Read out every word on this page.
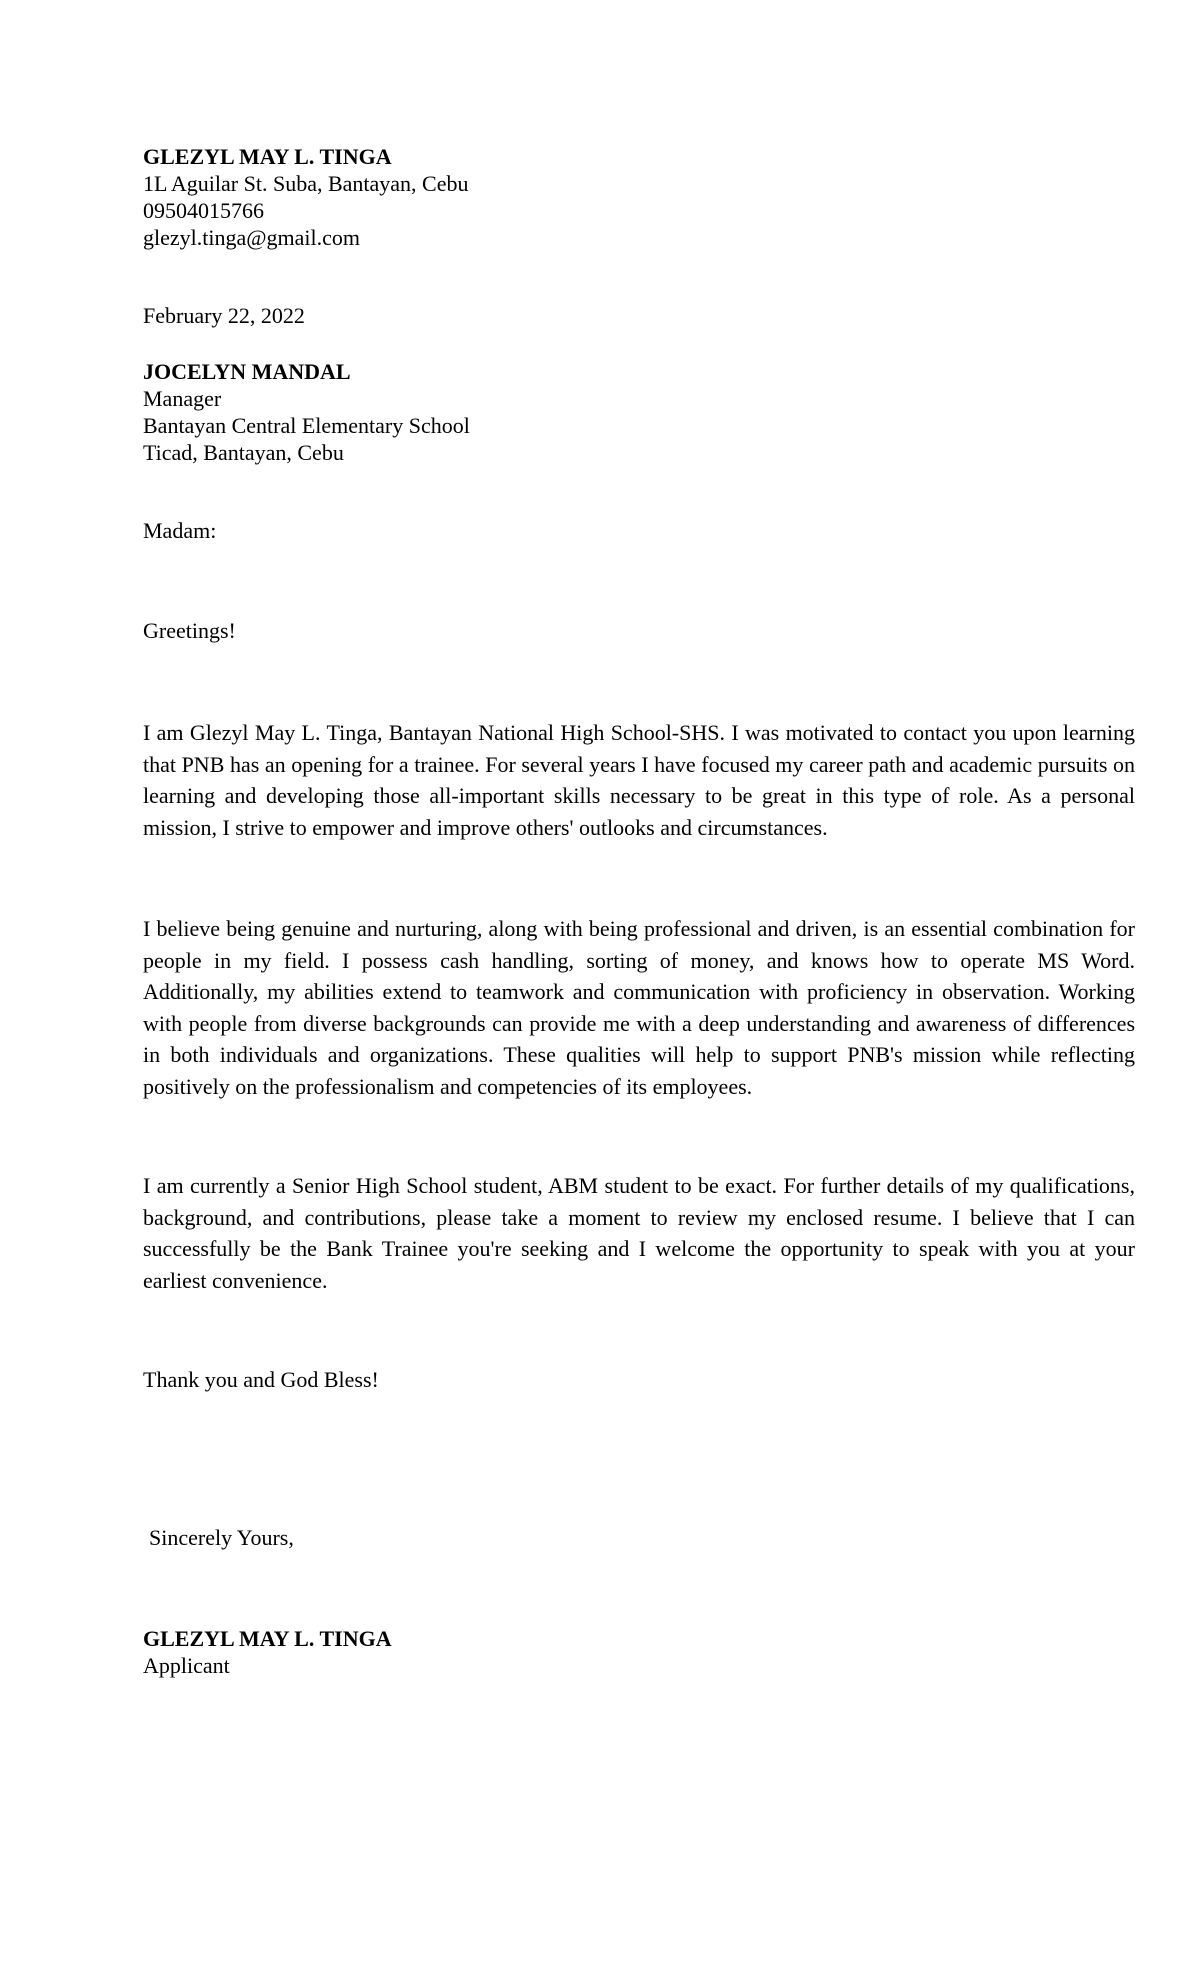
GLEZYL MAY L. TINGA
1L Aguilar St. Suba, Bantayan, Cebu
09504015766
glezyl.tinga@gmail.com
February 22, 2022
JOCELYN MANDAL
Manager
Bantayan Central Elementary School
Ticad, Bantayan, Cebu
Madam:
Greetings!
I am Glezyl May L. Tinga, Bantayan National High School-SHS. I was motivated to contact you upon learning that PNB has an opening for a trainee. For several years I have focused my career path and academic pursuits on learning and developing those all-important skills necessary to be great in this type of role. As a personal mission, I strive to empower and improve others' outlooks and circumstances.
I believe being genuine and nurturing, along with being professional and driven, is an essential combination for people in my field. I possess cash handling, sorting of money, and knows how to operate MS Word. Additionally, my abilities extend to teamwork and communication with proficiency in observation. Working with people from diverse backgrounds can provide me with a deep understanding and awareness of differences in both individuals and organizations. These qualities will help to support PNB's mission while reflecting positively on the professionalism and competencies of its employees.
I am currently a Senior High School student, ABM student to be exact. For further details of my qualifications, background, and contributions, please take a moment to review my enclosed resume. I believe that I can successfully be the Bank Trainee you're seeking and I welcome the opportunity to speak with you at your earliest convenience.
Thank you and God Bless!
Sincerely Yours,
GLEZYL MAY L. TINGA
Applicant
